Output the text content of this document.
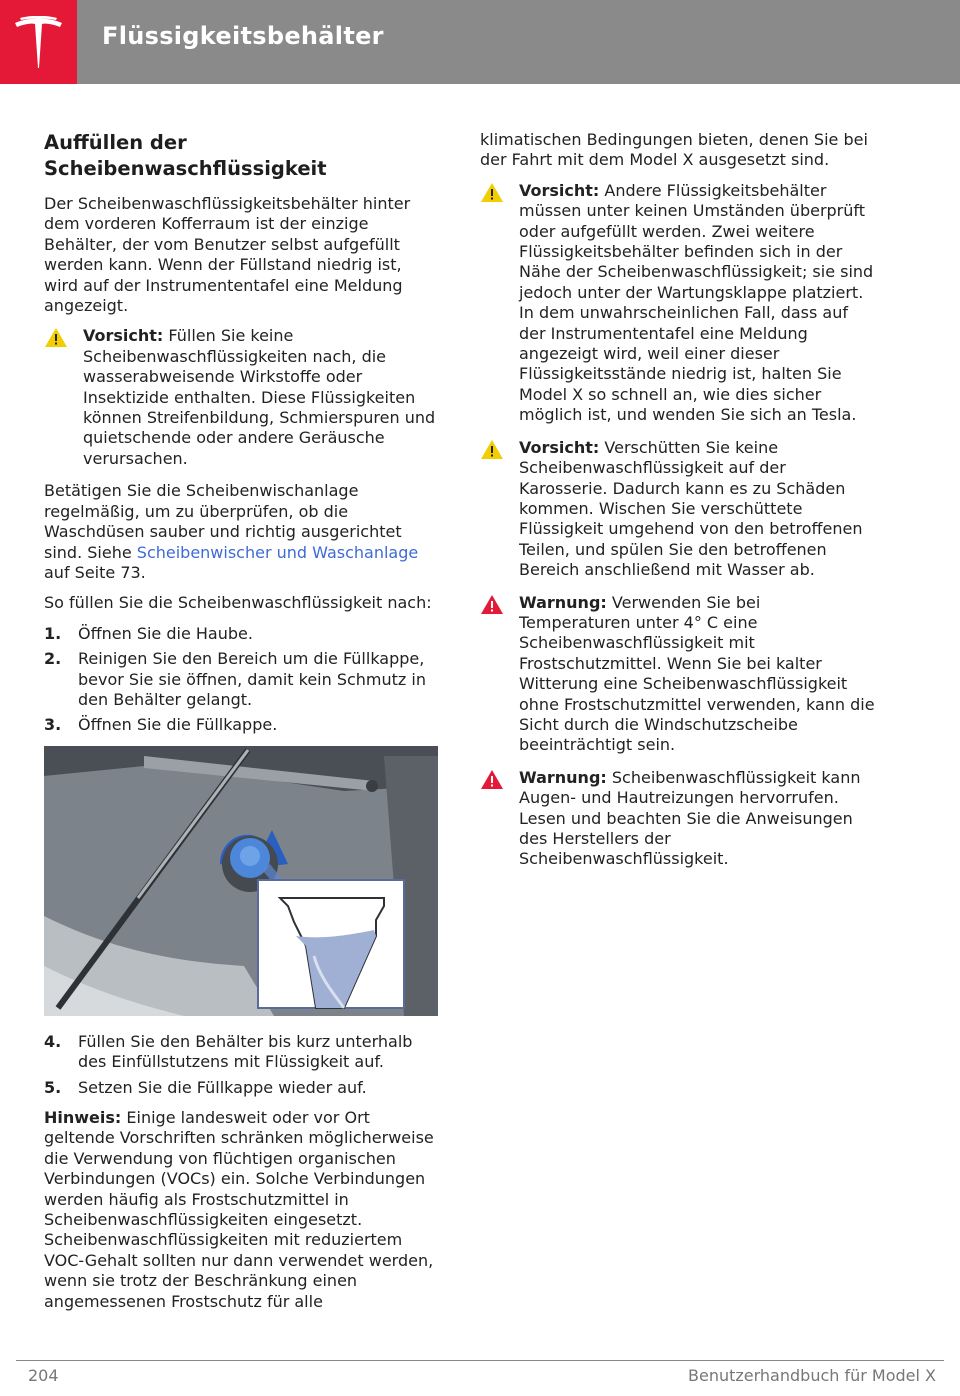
Flüssigkeitsbehälter
Auffüllen der Scheibenwaschflüssigkeit

Der Scheibenwaschflüssigkeitsbehälter hinter dem vorderen Kofferraum ist der einzige Behälter, der vom Benutzer selbst aufgefüllt werden kann. Wenn der Füllstand niedrig ist, wird auf der Instrumententafel eine Meldung angezeigt.

Vorsicht: Füllen Sie keine Scheibenwaschflüssigkeiten nach, die wasserabweisende Wirkstoffe oder Insektizide enthalten. Diese Flüssigkeiten können Streifenbildung, Schmierspuren und quietschende oder andere Geräusche verursachen.

Betätigen Sie die Scheibenwischanlage regelmäßig, um zu überprüfen, ob die Waschdüsen sauber und richtig ausgerichtet sind. Siehe Scheibenwischer und Waschanlage auf Seite 73.

So füllen Sie die Scheibenwaschflüssigkeit nach:

1. Öffnen Sie die Haube.
2. Reinigen Sie den Bereich um die Füllkappe, bevor Sie sie öffnen, damit kein Schmutz in den Behälter gelangt.
3. Öffnen Sie die Füllkappe.
4. Füllen Sie den Behälter bis kurz unterhalb des Einfüllstutzens mit Flüssigkeit auf.
5. Setzen Sie die Füllkappe wieder auf.

Hinweis: Einige landesweit oder vor Ort geltende Vorschriften schränken möglicherweise die Verwendung von flüchtigen organischen Verbindungen (VOCs) ein. Solche Verbindungen werden häufig als Frostschutzmittel in Scheibenwaschflüssigkeiten eingesetzt. Scheibenwaschflüssigkeiten mit reduziertem VOC-Gehalt sollten nur dann verwendet werden, wenn sie trotz der Beschränkung einen angemessenen Frostschutz für alle

klimatischen Bedingungen bieten, denen Sie bei der Fahrt mit dem Model X ausgesetzt sind.

Vorsicht: Andere Flüssigkeitsbehälter müssen unter keinen Umständen überprüft oder aufgefüllt werden. Zwei weitere Flüssigkeitsbehälter befinden sich in der Nähe der Scheibenwaschflüssigkeit; sie sind jedoch unter der Wartungsklappe platziert. In dem unwahrscheinlichen Fall, dass auf der Instrumententafel eine Meldung angezeigt wird, weil einer dieser Flüssigkeitsstände niedrig ist, halten Sie Model X so schnell an, wie dies sicher möglich ist, und wenden Sie sich an Tesla.
Vorsicht: Verschütten Sie keine Scheibenwaschflüssigkeit auf der Karosserie. Dadurch kann es zu Schäden kommen. Wischen Sie verschüttete Flüssigkeit umgehend von den betroffenen Teilen, und spülen Sie den betroffenen Bereich anschließend mit Wasser ab.
Warnung: Verwenden Sie bei Temperaturen unter 4° C eine Scheibenwaschflüssigkeit mit Frostschutzmittel. Wenn Sie bei kalter Witterung eine Scheibenwaschflüssigkeit ohne Frostschutzmittel verwenden, kann die Sicht durch die Windschutzscheibe beeinträchtigt sein.
Warnung: Scheibenwaschflüssigkeit kann Augen- und Hautreizungen hervorrufen. Lesen und beachten Sie die Anweisungen des Herstellers der Scheibenwaschflüssigkeit.
204	Benutzerhandbuch für Model X
